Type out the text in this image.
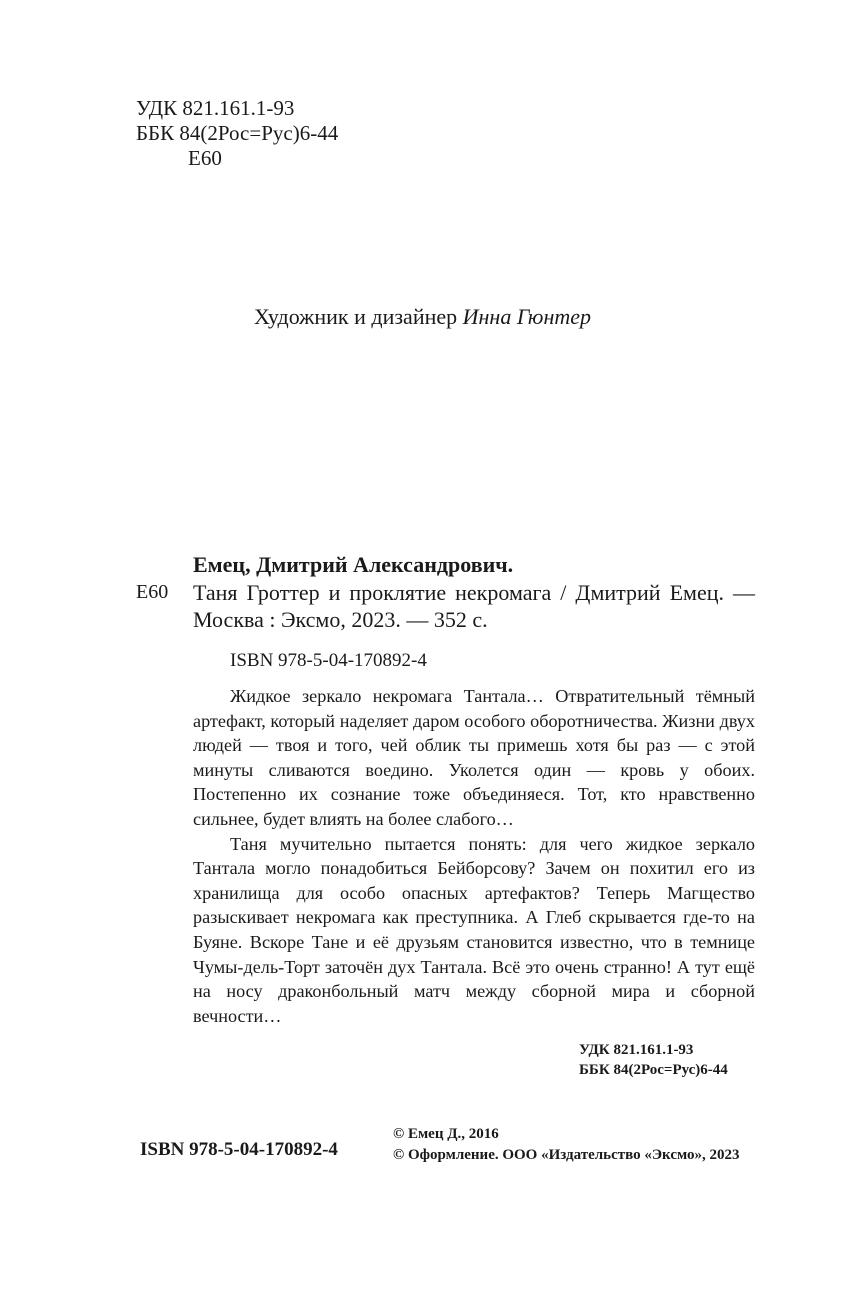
УДК 821.161.1-93
ББК 84(2Рос=Рус)6-44
Е60
Художник и дизайнер Инна Гюнтер
Емец, Дмитрий Александрович.
Е60 Таня Гроттер и проклятие некромага / Дмитрий Емец. — Москва : Эксмо, 2023. — 352 с.
ISBN 978-5-04-170892-4

Жидкое зеркало некромага Тантала… Отвратительный тёмный артефакт, который наделяет даром особого оборотничества. Жизни двух людей — твоя и того, чей облик ты примешь хотя бы раз — с этой минуты сливаются воедино. Уколется один — кровь у обоих. Постепенно их сознание тоже объединяеся. Тот, кто нравственно сильнее, будет влиять на более слабого…

Таня мучительно пытается понять: для чего жидкое зеркало Тантала могло понадобиться Бейборсову? Зачем он похитил его из хранилища для особо опасных артефактов? Теперь Магщество разыскивает некромага как преступника. А Глеб скрывается где-то на Буяне. Вскоре Тане и её друзьям становится известно, что в темнице Чумы-дель-Торт заточён дух Тантала. Всё это очень странно! А тут ещё на носу драконбольный матч между сборной мира и сборной вечности…

УДК 821.161.1-93
ББК 84(2Рос=Рус)6-44
ISBN 978-5-04-170892-4
© Емец Д., 2016
© Оформление. ООО «Издательство «Эксмо», 2023
